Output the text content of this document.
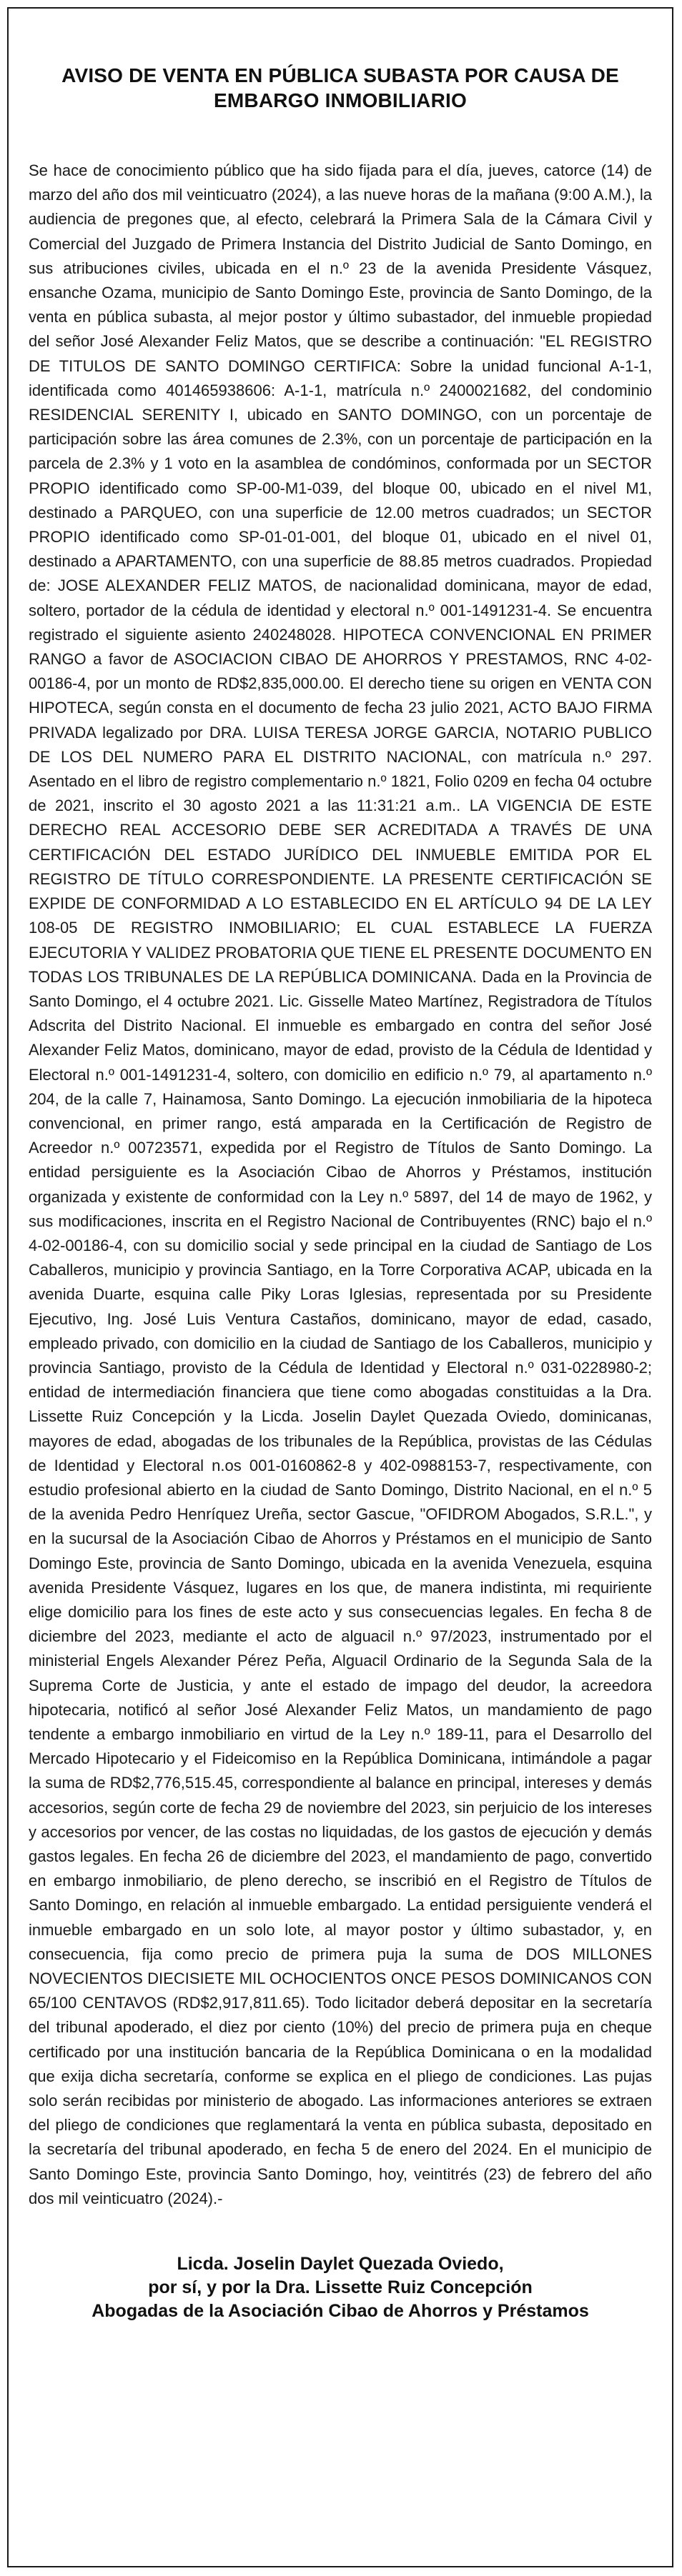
AVISO DE VENTA EN PÚBLICA SUBASTA POR CAUSA DE
EMBARGO INMOBILIARIO

Se hace de conocimiento público que ha sido fijada para el día, jueves, catorce (14) de marzo del año dos mil veinticuatro (2024), a las nueve horas de la mañana (9:00 A.M.), la audiencia de pregones que, al efecto, celebrará la Primera Sala de la Cámara Civil y Comercial del Juzgado de Primera Instancia del Distrito Judicial de Santo Domingo, en sus atribuciones civiles, ubicada en el n.º 23 de la avenida Presidente Vásquez, ensanche Ozama, municipio de Santo Domingo Este, provincia de Santo Domingo, de la venta en pública subasta, al mejor postor y último subastador, del inmueble propiedad del señor José Alexander Feliz Matos, que se describe a continuación: "EL REGISTRO DE TITULOS DE SANTO DOMINGO CERTIFICA: Sobre la unidad funcional A-1-1, identificada como 401465938606: A-1-1, matrícula n.º 2400021682, del condominio RESIDENCIAL SERENITY I, ubicado en SANTO DOMINGO, con un porcentaje de participación sobre las área comunes de 2.3%, con un porcentaje de participación en la parcela de 2.3% y 1 voto en la asamblea de condóminos, conformada por un SECTOR PROPIO identificado como SP-00-M1-039, del bloque 00, ubicado en el nivel M1, destinado a PARQUEO, con una superficie de 12.00 metros cuadrados; un SECTOR PROPIO identificado como SP-01-01-001, del bloque 01, ubicado en el nivel 01, destinado a APARTAMENTO, con una superficie de 88.85 metros cuadrados. Propiedad de: JOSE ALEXANDER FELIZ MATOS, de nacionalidad dominicana, mayor de edad, soltero, portador de la cédula de identidad y electoral n.º 001-1491231-4. Se encuentra registrado el siguiente asiento 240248028. HIPOTECA CONVENCIONAL EN PRIMER RANGO a favor de ASOCIACION CIBAO DE AHORROS Y PRESTAMOS, RNC 4-02-00186-4, por un monto de RD$2,835,000.00. El derecho tiene su origen en VENTA CON HIPOTECA, según consta en el documento de fecha 23 julio 2021, ACTO BAJO FIRMA PRIVADA legalizado por DRA. LUISA TERESA JORGE GARCIA, NOTARIO PUBLICO DE LOS DEL NUMERO PARA EL DISTRITO NACIONAL, con matrícula n.º 297. Asentado en el libro de registro complementario n.º 1821, Folio 0209 en fecha 04 octubre de 2021, inscrito el 30 agosto 2021 a las 11:31:21 a.m.. LA VIGENCIA DE ESTE DERECHO REAL ACCESORIO DEBE SER ACREDITADA A TRAVÉS DE UNA CERTIFICACIÓN DEL ESTADO JURÍDICO DEL INMUEBLE EMITIDA POR EL REGISTRO DE TÍTULO CORRESPONDIENTE. LA PRESENTE CERTIFICACIÓN SE EXPIDE DE CONFORMIDAD A LO ESTABLECIDO EN EL ARTÍCULO 94 DE LA LEY 108-05 DE REGISTRO INMOBILIARIO; EL CUAL ESTABLECE LA FUERZA EJECUTORIA Y VALIDEZ PROBATORIA QUE TIENE EL PRESENTE DOCUMENTO EN TODAS LOS TRIBUNALES DE LA REPÚBLICA DOMINICANA. Dada en la Provincia de Santo Domingo, el 4 octubre 2021. Lic. Gisselle Mateo Martínez, Registradora de Títulos Adscrita del Distrito Nacional. El inmueble es embargado en contra del señor José Alexander Feliz Matos, dominicano, mayor de edad, provisto de la Cédula de Identidad y Electoral n.º 001-1491231-4, soltero, con domicilio en edificio n.º 79, al apartamento n.º 204, de la calle 7, Hainamosa, Santo Domingo. La ejecución inmobiliaria de la hipoteca convencional, en primer rango, está amparada en la Certificación de Registro de Acreedor n.º 00723571, expedida por el Registro de Títulos de Santo Domingo. La entidad persiguiente es la Asociación Cibao de Ahorros y Préstamos, institución organizada y existente de conformidad con la Ley n.º 5897, del 14 de mayo de 1962, y sus modificaciones, inscrita en el Registro Nacional de Contribuyentes (RNC) bajo el n.º 4-02-00186-4, con su domicilio social y sede principal en la ciudad de Santiago de Los Caballeros, municipio y provincia Santiago, en la Torre Corporativa ACAP, ubicada en la avenida Duarte, esquina calle Piky Loras Iglesias, representada por su Presidente Ejecutivo, Ing. José Luis Ventura Castaños, dominicano, mayor de edad, casado, empleado privado, con domicilio en la ciudad de Santiago de los Caballeros, municipio y provincia Santiago, provisto de la Cédula de Identidad y Electoral n.º 031-0228980-2; entidad de intermediación financiera que tiene como abogadas constituidas a la Dra. Lissette Ruiz Concepción y la Licda. Joselin Daylet Quezada Oviedo, dominicanas, mayores de edad, abogadas de los tribunales de la República, provistas de las Cédulas de Identidad y Electoral n.os 001-0160862-8 y 402-0988153-7, respectivamente, con estudio profesional abierto en la ciudad de Santo Domingo, Distrito Nacional, en el n.º 5 de la avenida Pedro Henríquez Ureña, sector Gascue, "OFIDROM Abogados, S.R.L.", y en la sucursal de la Asociación Cibao de Ahorros y Préstamos en el municipio de Santo Domingo Este, provincia de Santo Domingo, ubicada en la avenida Venezuela, esquina avenida Presidente Vásquez, lugares en los que, de manera indistinta, mi requiriente elige domicilio para los fines de este acto y sus consecuencias legales. En fecha 8 de diciembre del 2023, mediante el acto de alguacil n.º 97/2023, instrumentado por el ministerial Engels Alexander Pérez Peña, Alguacil Ordinario de la Segunda Sala de la Suprema Corte de Justicia, y ante el estado de impago del deudor, la acreedora hipotecaria, notificó al señor José Alexander Feliz Matos, un mandamiento de pago tendente a embargo inmobiliario en virtud de la Ley n.º 189-11, para el Desarrollo del Mercado Hipotecario y el Fideicomiso en la República Dominicana, intimándole a pagar la suma de RD$2,776,515.45, correspondiente al balance en principal, intereses y demás accesorios, según corte de fecha 29 de noviembre del 2023, sin perjuicio de los intereses y accesorios por vencer, de las costas no liquidadas, de los gastos de ejecución y demás gastos legales. En fecha 26 de diciembre del 2023, el mandamiento de pago, convertido en embargo inmobiliario, de pleno derecho, se inscribió en el Registro de Títulos de Santo Domingo, en relación al inmueble embargado. La entidad persiguiente venderá el inmueble embargado en un solo lote, al mayor postor y último subastador, y, en consecuencia, fija como precio de primera puja la suma de DOS MILLONES NOVECIENTOS DIECISIETE MIL OCHOCIENTOS ONCE PESOS DOMINICANOS CON 65/100 CENTAVOS (RD$2,917,811.65). Todo licitador deberá depositar en la secretaría del tribunal apoderado, el diez por ciento (10%) del precio de primera puja en cheque certificado por una institución bancaria de la República Dominicana o en la modalidad que exija dicha secretaría, conforme se explica en el pliego de condiciones. Las pujas solo serán recibidas por ministerio de abogado. Las informaciones anteriores se extraen del pliego de condiciones que reglamentará la venta en pública subasta, depositado en la secretaría del tribunal apoderado, en fecha 5 de enero del 2024. En el municipio de Santo Domingo Este, provincia Santo Domingo, hoy, veintitrés (23) de febrero del año dos mil veinticuatro (2024).-

Licda. Joselin Daylet Quezada Oviedo,
por sí, y por la Dra. Lissette Ruiz Concepción
Abogadas de la Asociación Cibao de Ahorros y Préstamos
